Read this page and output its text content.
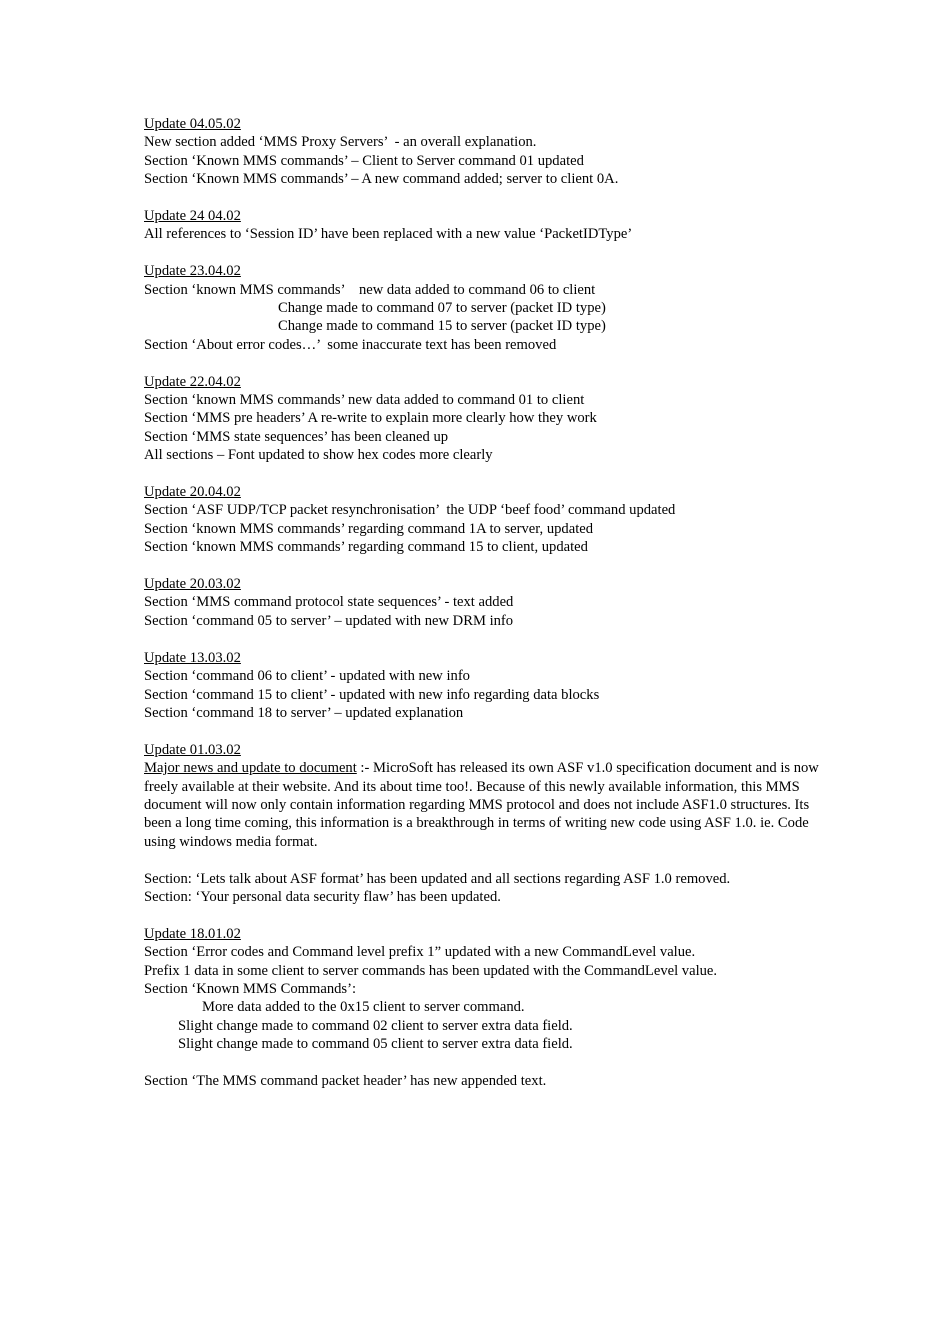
Update 04.05.02
New section added ‘MMS Proxy Servers’  - an overall explanation.
Section ‘Known MMS commands’ – Client to Server command 01 updated
Section ‘Known MMS commands’ – A new command added; server to client 0A.
Update 24 04.02
All references to ‘Session ID’ have been replaced with a new value ‘PacketIDType’
Update 23.04.02
Section ‘known MMS commands’    new data added to command 06 to client
Change made to command 07 to server (packet ID type)
Change made to command 15 to server (packet ID type)
Section ‘About error codes…’  some inaccurate text has been removed
Update 22.04.02
Section ‘known MMS commands’ new data added to command 01 to client
Section ‘MMS pre headers’ A re-write to explain more clearly how they work
Section ‘MMS state sequences’ has been cleaned up
All sections – Font updated to show hex codes more clearly
Update 20.04.02
Section ‘ASF UDP/TCP packet resynchronisation’  the UDP ‘beef food’ command updated
Section ‘known MMS commands’ regarding command 1A to server, updated
Section ‘known MMS commands’ regarding command 15 to client, updated
Update 20.03.02
Section ‘MMS command protocol state sequences’ - text added
Section ‘command 05 to server’ – updated with new DRM info
Update 13.03.02
Section ‘command 06 to client’ - updated with new info
Section ‘command 15 to client’ - updated with new info regarding data blocks
Section ‘command 18 to server’ – updated explanation
Update 01.03.02

Major news and update to document :- MicroSoft has released its own ASF v1.0 specification document and is now freely available at their website. And its about time too!. Because of this newly available information, this MMS document will now only contain information regarding MMS protocol and does not include ASF1.0 structures. Its been a long time coming, this information is a breakthrough in terms of writing new code using ASF 1.0. ie. Code using windows media format.

Section: ‘Lets talk about ASF format’ has been updated and all sections regarding ASF 1.0 removed.
Section: ‘Your personal data security flaw’ has been updated.
Update 18.01.02
Section ‘Error codes and Command level prefix 1” updated with a new CommandLevel value.
Prefix 1 data in some client to server commands has been updated with the CommandLevel value.
Section ‘Known MMS Commands’:
More data added to the 0x15 client to server command.
Slight change made to command 02 client to server extra data field.
Slight change made to command 05 client to server extra data field.
Section ‘The MMS command packet header’ has new appended text.
